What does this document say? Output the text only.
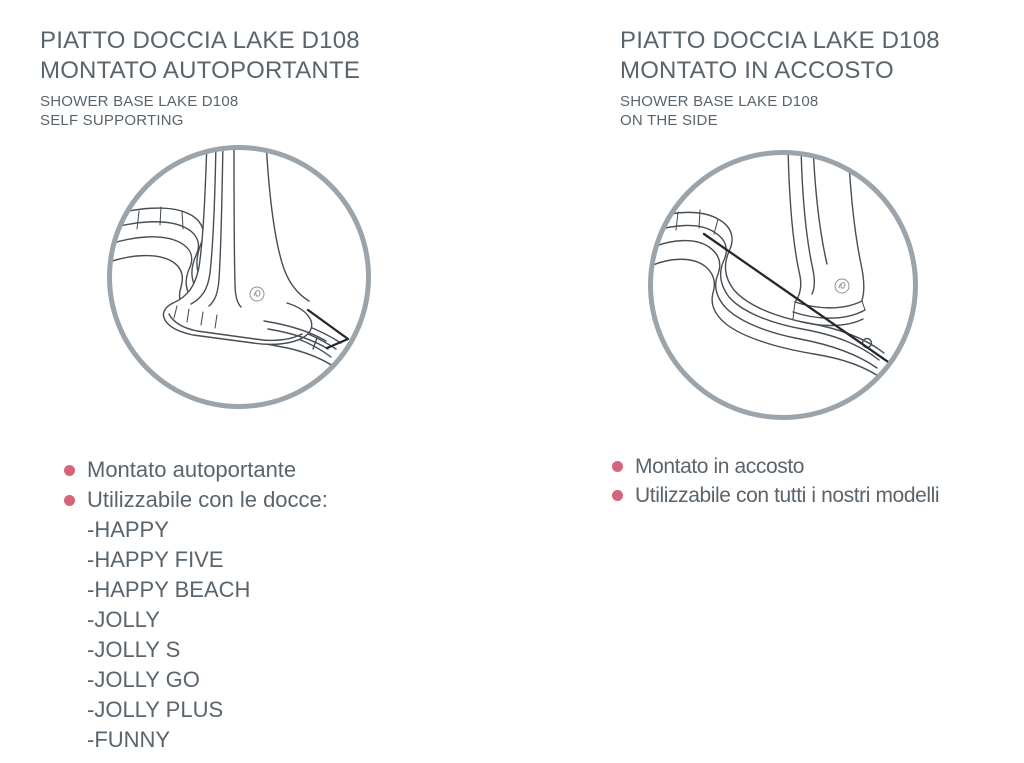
PIATTO DOCCIA LAKE D108
MONTATO AUTOPORTANTE
SHOWER BASE LAKE D108
SELF SUPPORTING
PIATTO DOCCIA LAKE D108
MONTATO IN ACCOSTO
SHOWER BASE LAKE D108
ON THE SIDE
Montato autoportante
Utilizzabile con le docce:
-HAPPY
-HAPPY FIVE
-HAPPY BEACH
-JOLLY
-JOLLY S
-JOLLY GO
-JOLLY PLUS
-FUNNY
Montato in accosto
Utilizzabile con tutti i nostri modelli
